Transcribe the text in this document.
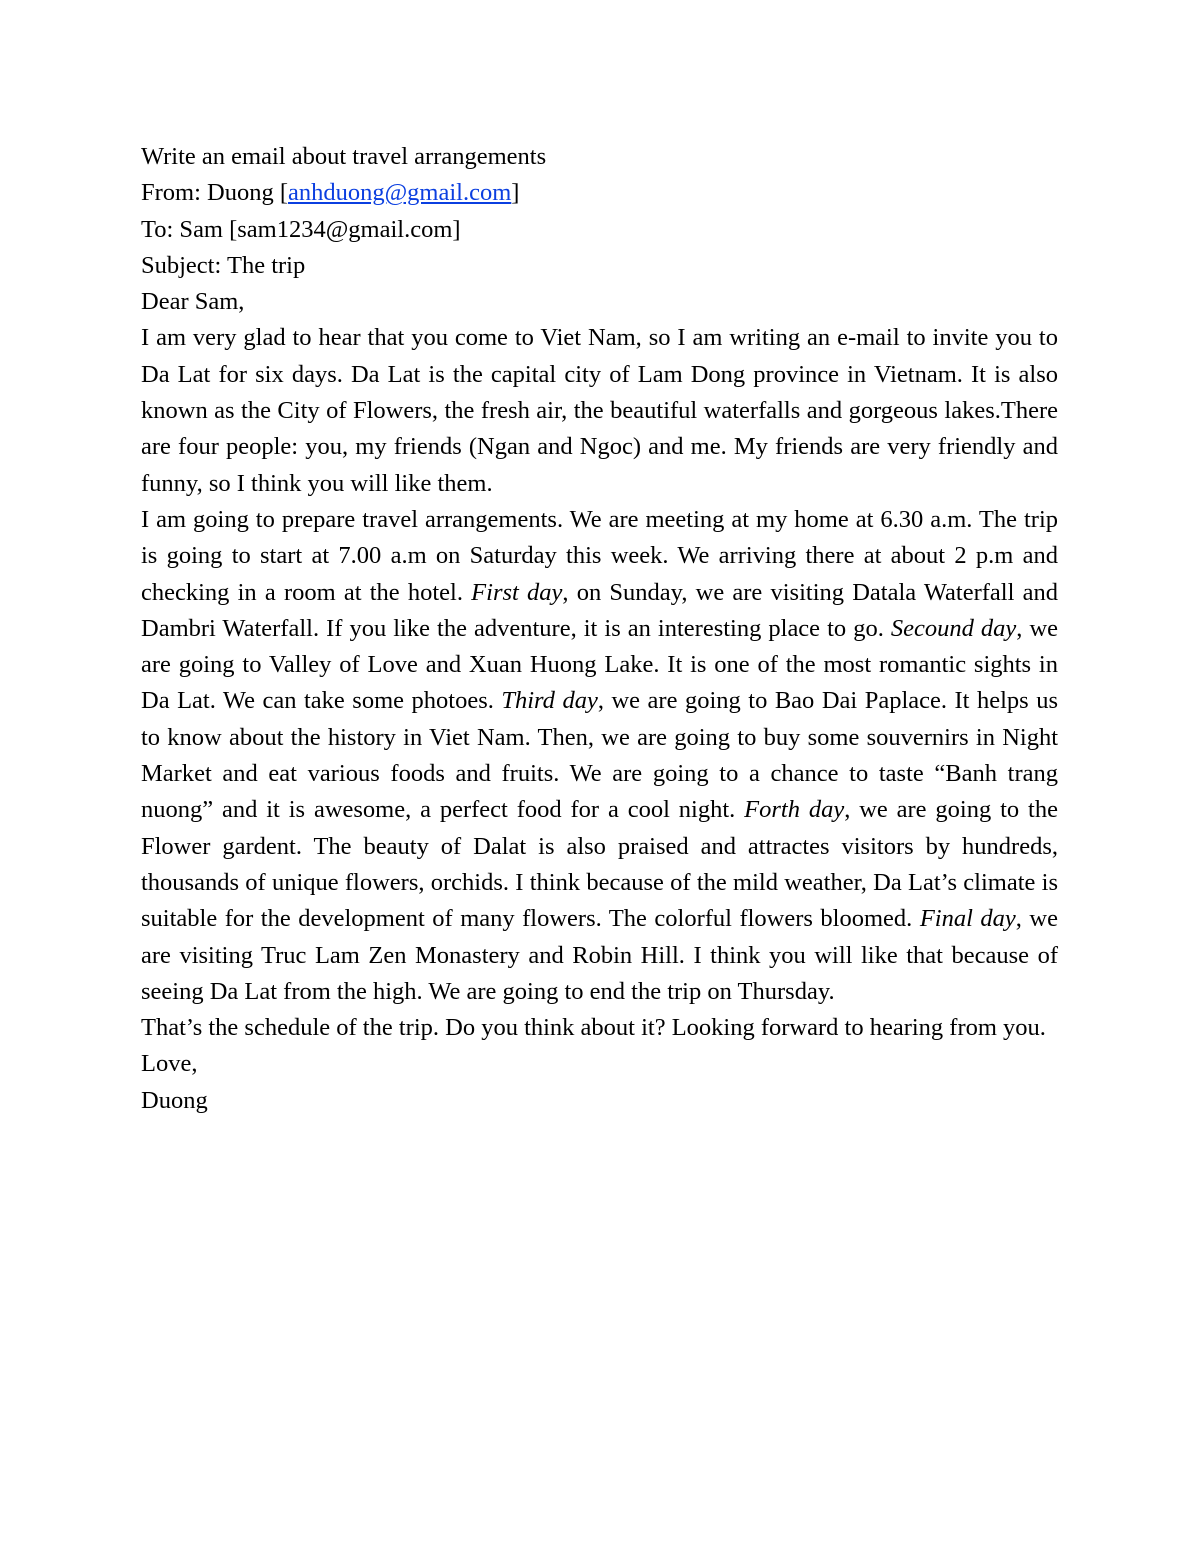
Write an email about travel arrangements

From: Duong [anhduong@gmail.com]

To: Sam [sam1234@gmail.com]

Subject: The trip

Dear Sam,

I am very glad to hear that you come to Viet Nam, so I am writing an e-mail to invite you to Da Lat for six days. Da Lat is the capital city of Lam Dong province in Vietnam. It is also known as the City of Flowers, the fresh air, the beautiful waterfalls and gorgeous lakes.There are four people: you, my friends (Ngan and Ngoc) and me. My friends are very friendly and funny, so I think you will like them.

I am going to prepare travel arrangements. We are meeting at my home at 6.30 a.m. The trip is going to start at 7.00 a.m on Saturday this week. We arriving there at about 2 p.m and checking in a room at the hotel. First day, on Sunday, we are visiting Datala Waterfall and Dambri Waterfall. If you like the adventure, it is an interesting place to go. Secound day, we are going to Valley of Love and Xuan Huong Lake. It is one of the most romantic sights in Da Lat. We can take some photoes. Third day, we are going to Bao Dai Paplace. It helps us to know about the history in Viet Nam. Then, we are going to buy some souvernirs in Night Market and eat various foods and fruits. We are going to a chance to taste “Banh trang nuong” and it is awesome, a perfect food for a cool night. Forth day, we are going to the Flower gardent. The beauty of Dalat is also praised and attractes visitors by hundreds, thousands of unique flowers, orchids. I think because of the mild weather, Da Lat’s climate is suitable for the development of many flowers. The colorful flowers bloomed. Final day, we are visiting Truc Lam Zen Monastery and Robin Hill. I think you will like that because of seeing Da Lat from the high. We are going to end the trip on Thursday.

That’s the schedule of the trip. Do you think about it? Looking forward to hearing from you.

Love,

Duong
